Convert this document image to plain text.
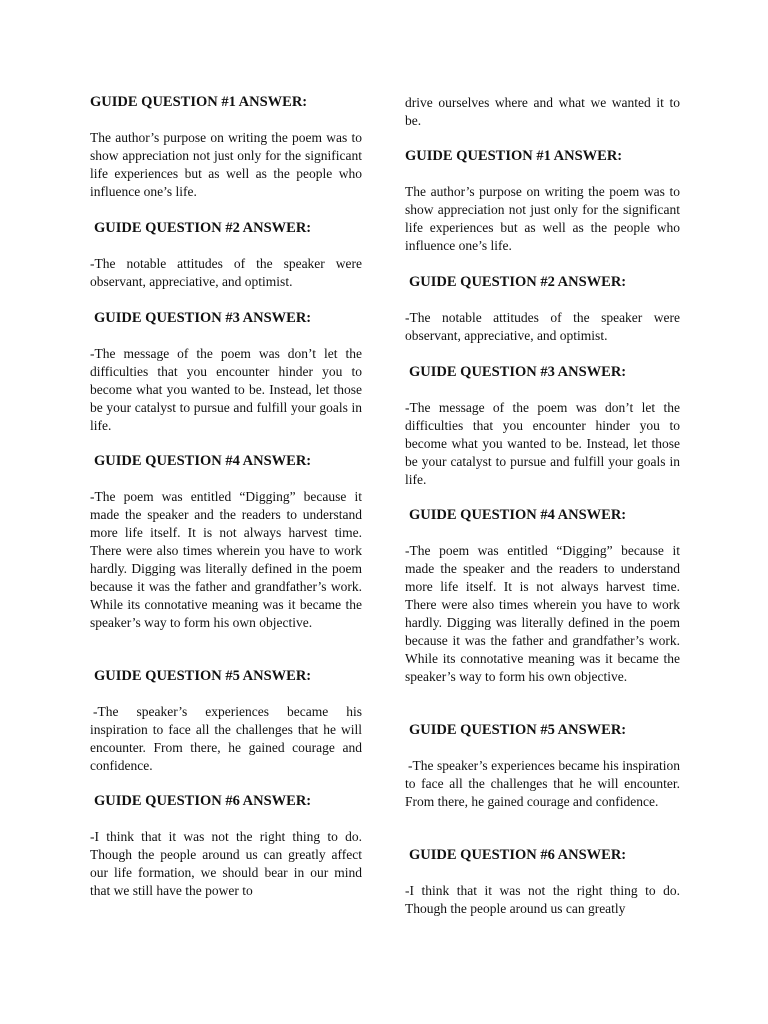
GUIDE QUESTION #1 ANSWER:

The author’s purpose on writing the poem was to show appreciation not just only for the significant life experiences but as well as the people who influence one’s life.

GUIDE QUESTION #2 ANSWER:

-The notable attitudes of the speaker were observant, appreciative, and optimist.

GUIDE QUESTION #3 ANSWER:

-The message of the poem was don’t let the difficulties that you encounter hinder you to become what you wanted to be. Instead, let those be your catalyst to pursue and fulfill your goals in life.

GUIDE QUESTION #4 ANSWER:

-The poem was entitled “Digging” because it made the speaker and the readers to understand more life itself. It is not always harvest time. There were also times wherein you have to work hardly. Digging was literally defined in the poem because it was the father and grandfather’s work. While its connotative meaning was it became the speaker’s way to form his own objective.

GUIDE QUESTION #5 ANSWER:

-The speaker’s experiences became his inspiration to face all the challenges that he will encounter. From there, he gained courage and confidence.

GUIDE QUESTION #6 ANSWER:

-I think that it was not the right thing to do. Though the people around us can greatly affect our life formation, we should bear in our mind that we still have the power to

drive ourselves where and what we wanted it to be.

GUIDE QUESTION #1 ANSWER:

The author’s purpose on writing the poem was to show appreciation not just only for the significant life experiences but as well as the people who influence one’s life.

GUIDE QUESTION #2 ANSWER:

-The notable attitudes of the speaker were observant, appreciative, and optimist.

GUIDE QUESTION #3 ANSWER:

-The message of the poem was don’t let the difficulties that you encounter hinder you to become what you wanted to be. Instead, let those be your catalyst to pursue and fulfill your goals in life.

GUIDE QUESTION #4 ANSWER:

-The poem was entitled “Digging” because it made the speaker and the readers to understand more life itself. It is not always harvest time. There were also times wherein you have to work hardly. Digging was literally defined in the poem because it was the father and grandfather’s work. While its connotative meaning was it became the speaker’s way to form his own objective.

GUIDE QUESTION #5 ANSWER:

-The speaker’s experiences became his inspiration to face all the challenges that he will encounter. From there, he gained courage and confidence.

GUIDE QUESTION #6 ANSWER:

-I think that it was not the right thing to do. Though the people around us can greatly
